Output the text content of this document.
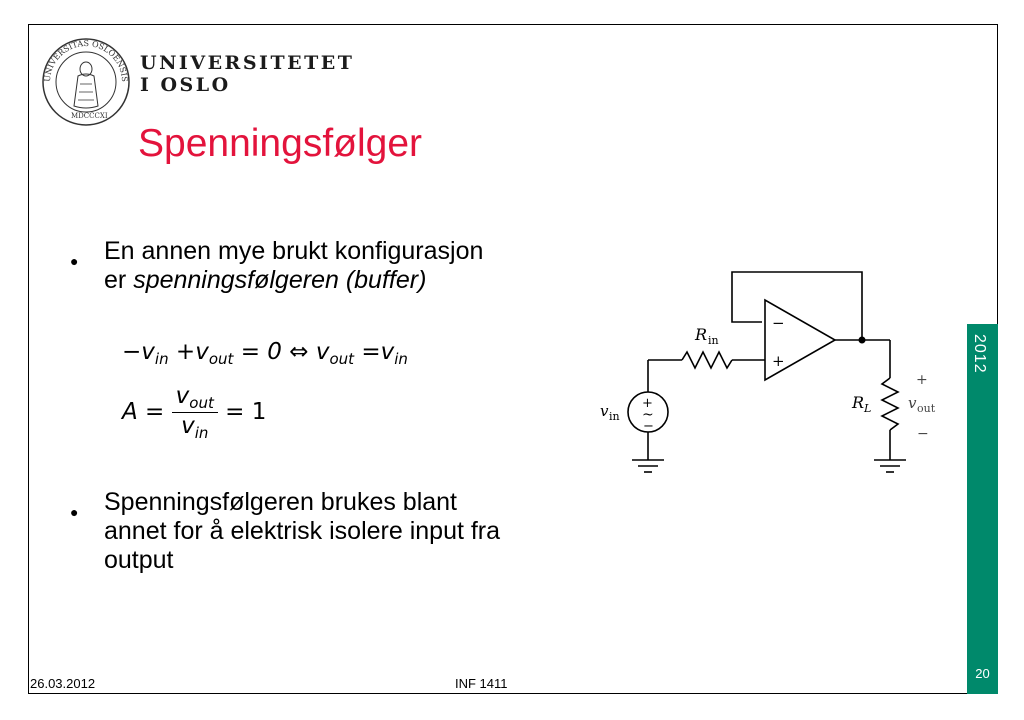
UNIVERSITAS OSLOENSIS
MDCCCXI
UNIVERSITETET
I OSLO
Spenningsfølger
● En annen mye brukt konfigurasjon
er spenningsfølgeren (buffer)
$-v_{in} +v_{out} = 0$ ⇔ $v_{out} =v_{in}$
$A = \frac{v_{out}}{v_{in}} = 1$
● Spenningsfølgeren brukes blant
annet for å elektrisk isolere input fra
output
−
+
R in
v in
+
~
−
R L
+
v out
−
2012
20
26.03.2012	INF 1411
